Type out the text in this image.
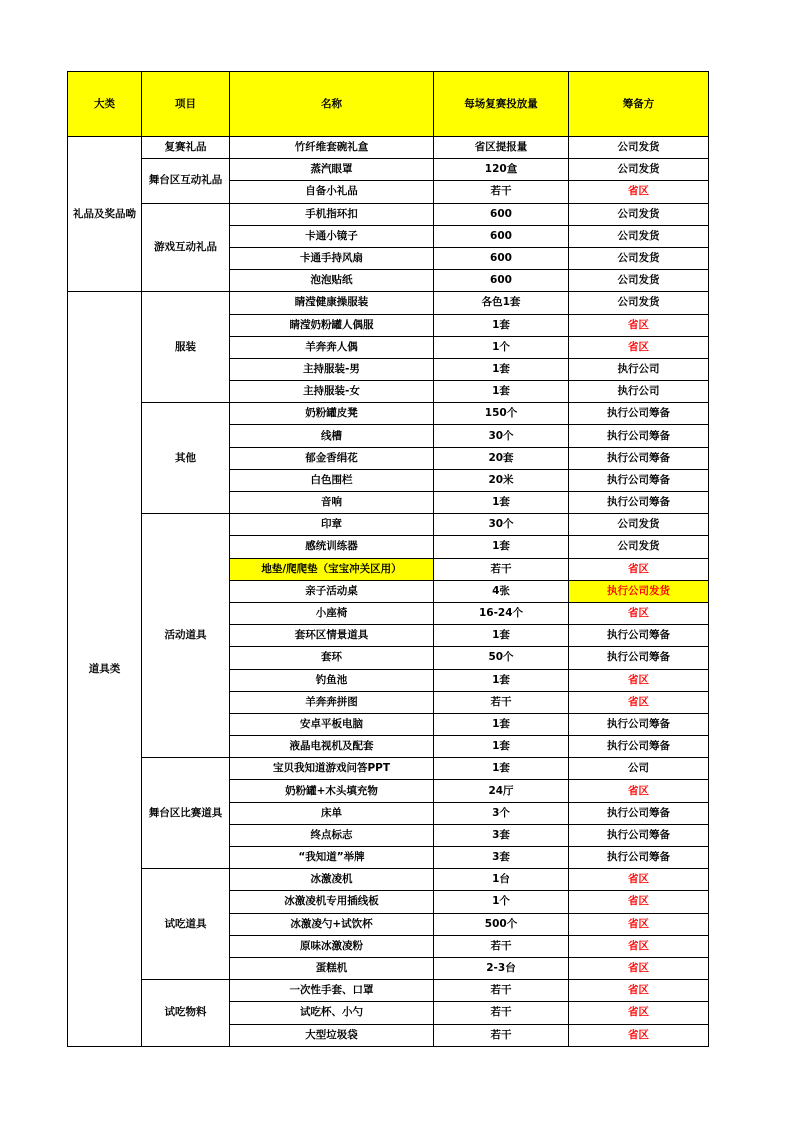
大类	项目	名称	每场复赛投放量	筹备方
礼品及奖品呦	复赛礼品	竹纤维套碗礼盒	省区提报量	公司发货
	舞台区互动礼品	蒸汽眼罩	120盒	公司发货
		自备小礼品	若干	省区
	游戏互动礼品	手机指环扣	600	公司发货
		卡通小镜子	600	公司发货
		卡通手持风扇	600	公司发货
		泡泡贴纸	600	公司发货
道具类	服装	睛滢健康操服装	各色1套	公司发货
		睛滢奶粉罐人偶服	1套	省区
		羊奔奔人偶	1个	省区
		主持服装-男	1套	执行公司
		主持服装-女	1套	执行公司
	其他	奶粉罐皮凳	150个	执行公司筹备
		线槽	30个	执行公司筹备
		郁金香绢花	20套	执行公司筹备
		白色围栏	20米	执行公司筹备
		音响	1套	执行公司筹备
	活动道具	印章	30个	公司发货
		感统训练器	1套	公司发货
		地垫/爬爬垫（宝宝冲关区用）	若干	省区
		亲子活动桌	4张	执行公司发货
		小座椅	16-24个	省区
		套环区情景道具	1套	执行公司筹备
		套环	50个	执行公司筹备
		钓鱼池	1套	省区
		羊奔奔拼图	若干	省区
		安卓平板电脑	1套	执行公司筹备
		液晶电视机及配套	1套	执行公司筹备
	舞台区比赛道具	宝贝我知道游戏问答PPT	1套	公司
		奶粉罐+木头填充物	24厅	省区
		床单	3个	执行公司筹备
		终点标志	3套	执行公司筹备
		“我知道”举牌	3套	执行公司筹备
	试吃道具	冰激凌机	1台	省区
		冰激凌机专用插线板	1个	省区
		冰激凌勺+试饮杯	500个	省区
		原味冰激凌粉	若干	省区
		蛋糕机	2-3台	省区
	试吃物料	一次性手套、口罩	若干	省区
		试吃杯、小勺	若干	省区
		大型垃圾袋	若干	省区
